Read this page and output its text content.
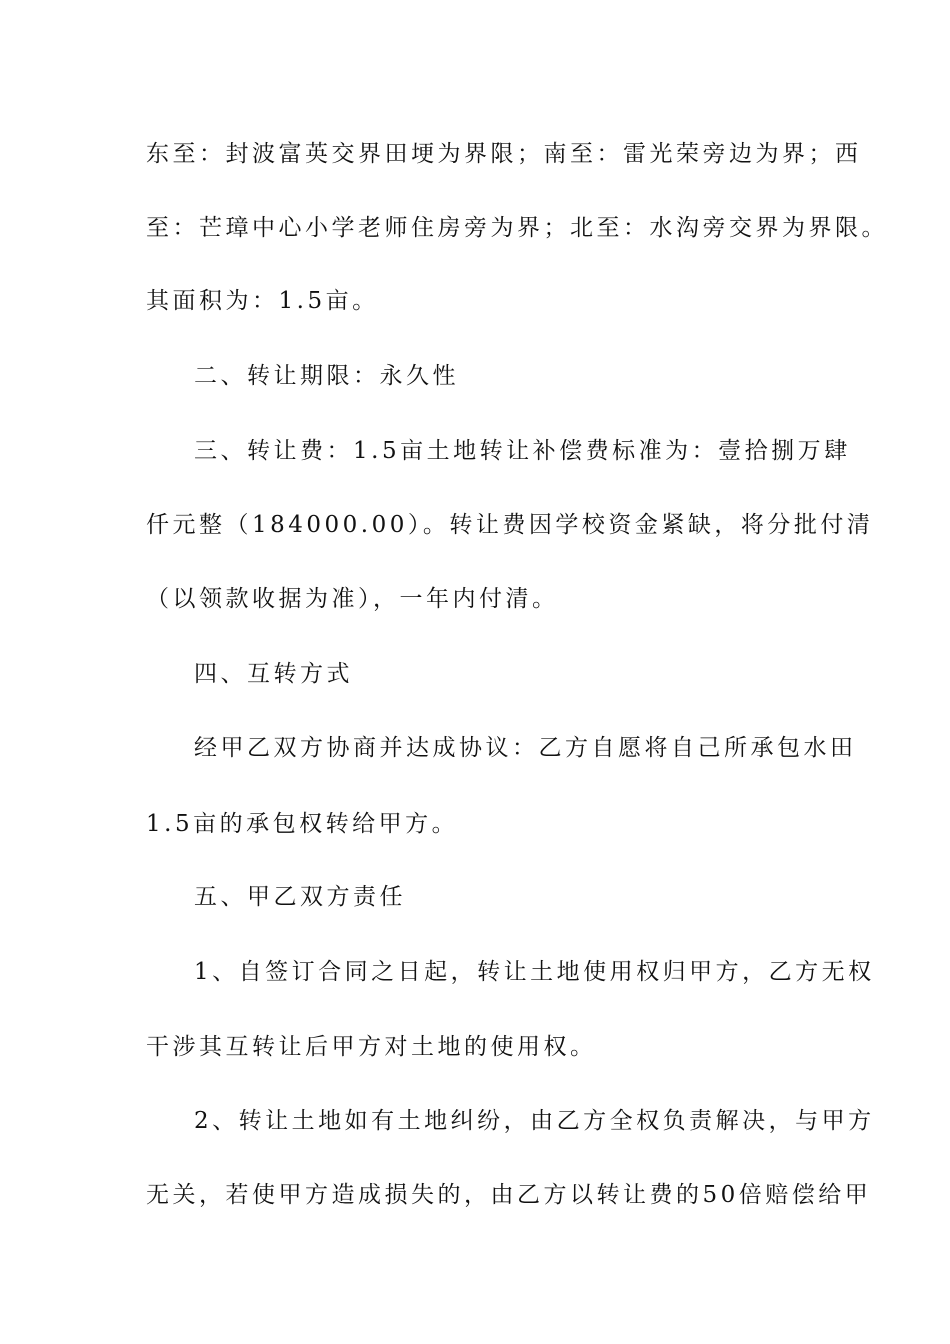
东至：封波富英交界田埂为界限；南至：雷光荣旁边为界；西
至：芒璋中心小学老师住房旁为界；北至：水沟旁交界为界限。
其面积为：1.5亩。
二、转让期限：永久性
三、转让费：1.5亩土地转让补偿费标准为：壹拾捌万肆
仟元整（184000.00）。转让费因学校资金紧缺，将分批付清
（以领款收据为准），一年内付清。
四、互转方式
经甲乙双方协商并达成协议：乙方自愿将自己所承包水田
1.5亩的承包权转给甲方。
五、甲乙双方责任
1、自签订合同之日起，转让土地使用权归甲方，乙方无权
干涉其互转让后甲方对土地的使用权。
2、转让土地如有土地纠纷，由乙方全权负责解决，与甲方
无关，若使甲方造成损失的，由乙方以转让费的50倍赔偿给甲
